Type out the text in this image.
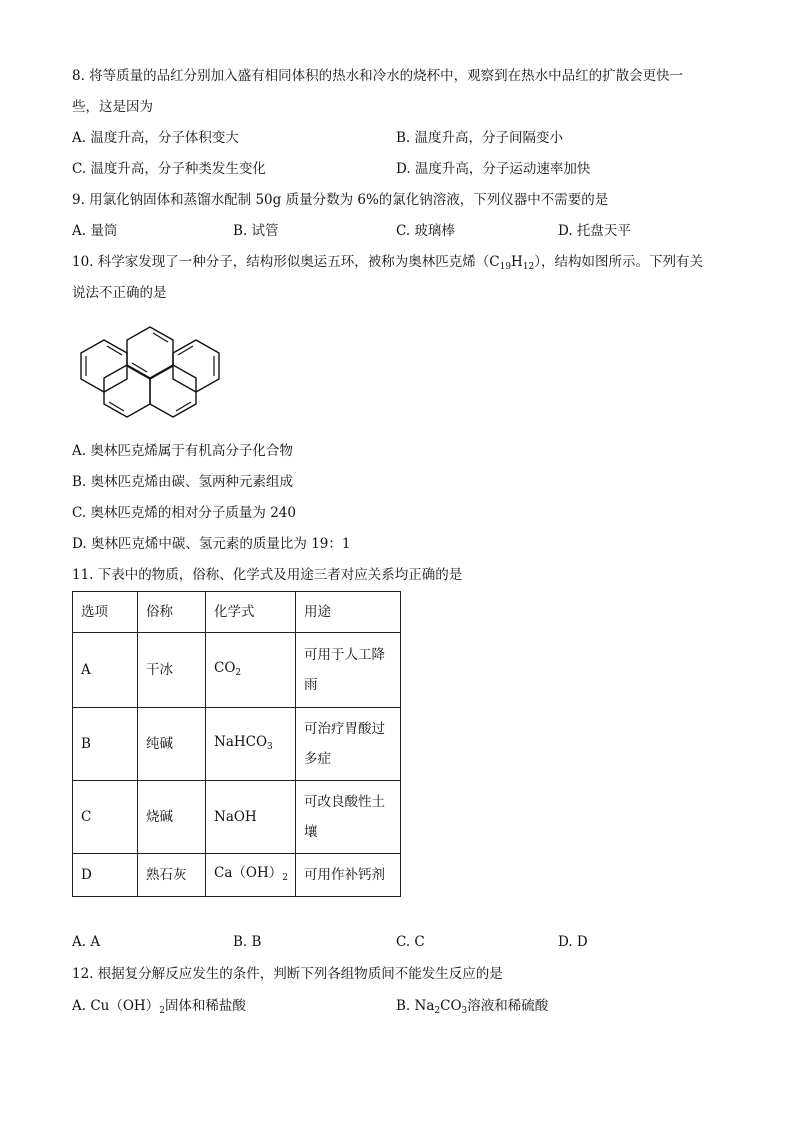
8. 将等质量的品红分别加入盛有相同体积的热水和冷水的烧杯中，观察到在热水中品红的扩散会更快一
些，这是因为
A. 温度升高，分子体积变大	B. 温度升高，分子间隔变小
C. 温度升高，分子种类发生变化	D. 温度升高，分子运动速率加快
9. 用氯化钠固体和蒸馏水配制 50g 质量分数为 6%的氯化钠溶液，下列仪器中不需要的是
A. 量筒	B. 试管	C. 玻璃棒	D. 托盘天平
10. 科学家发现了一种分子，结构形似奥运五环，被称为奥林匹克烯$(C_{19}H_{12})$，结构如图所示。下列有关
说法不正确的是
A. 奥林匹克烯属于有机高分子化合物
B. 奥林匹克烯由碳、氢两种元素组成
C. 奥林匹克烯的相对分子质量为 240
D. 奥林匹克烯中碳、氢元素的质量比为 19：1
11. 下表中的物质，俗称、化学式及用途三者对应关系均正确的是
选项	俗称	化学式	用途
A	干冰	$CO_2$	可用于人工降
雨

B	纯碱	NaHCO$_3$	可治疗胃酸过
多症

C	烧碱	NaOH	可改良酸性土
壤

D	熟石灰	$Ca(OH)_2$	可用作补钙剂
A. A	B. B	C. C	D. D
12. 根据复分解反应发生的条件，判断下列各组物质间不能发生反应的是
A. $Cu(OH)_2$固体和稀盐酸	B. $Na_2CO_3$溶液和稀硫酸
